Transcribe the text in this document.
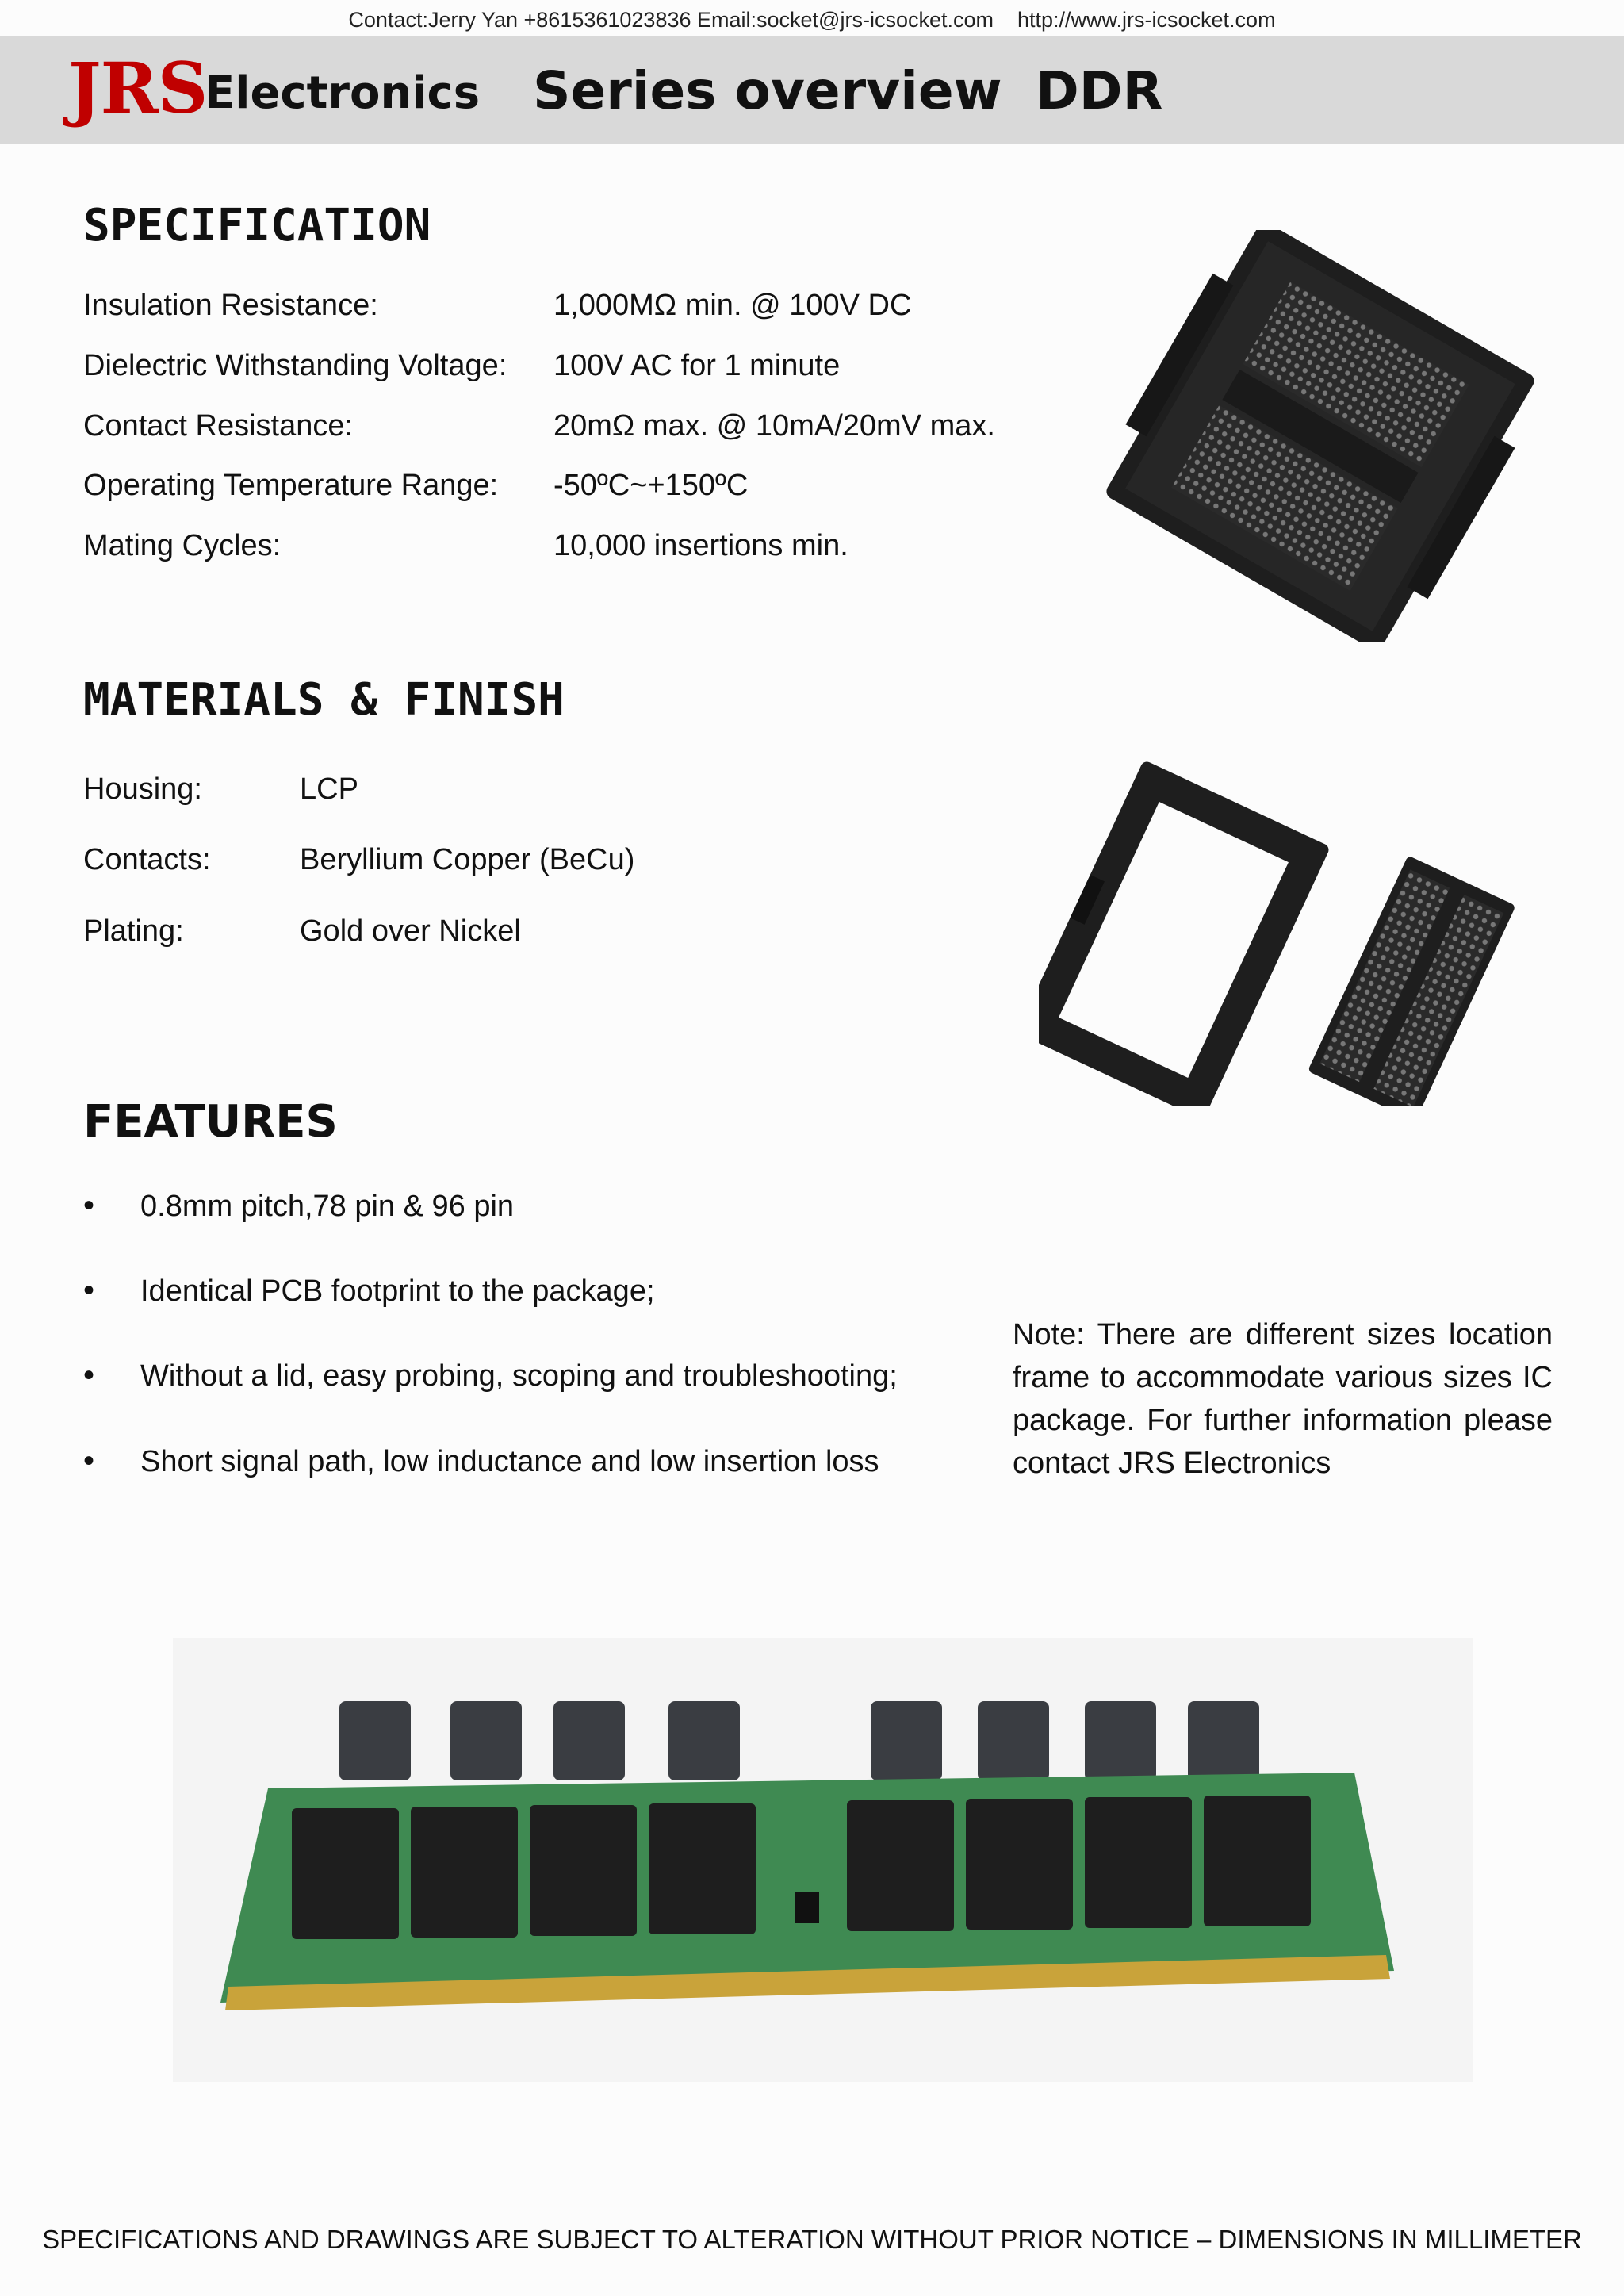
Contact:Jerry Yan +8615361023836 Email:socket@jrs-icsocket.com    http://www.jrs-icsocket.com
JRS
Electronics Series overview DDR
SPECIFICATION
Insulation Resistance:	1,000MΩ min. @ 100V DC
Dielectric Withstanding Voltage: 100V AC for 1 minute
Contact Resistance:	20mΩ max. @ 10mA/20mV max.
Operating Temperature Range: -50ºC~+150ºC
Mating Cycles:	10,000 insertions min.
MATERIALS & FINISH
Housing:	LCP
Contacts:	Beryllium Copper (BeCu)
Plating:	Gold over Nickel
FEATURES
• 0.8mm pitch,78 pin & 96 pin
• Identical PCB footprint to the package;
• Without a lid, easy probing, scoping and troubleshooting;
• Short signal path, low inductance and low insertion loss
Note: There are different sizes location frame to accommodate various sizes IC package. For further information please contact JRS Electronics
SPECIFICATIONS AND DRAWINGS ARE SUBJECT TO ALTERATION WITHOUT PRIOR NOTICE – DIMENSIONS IN MILLIMETER
